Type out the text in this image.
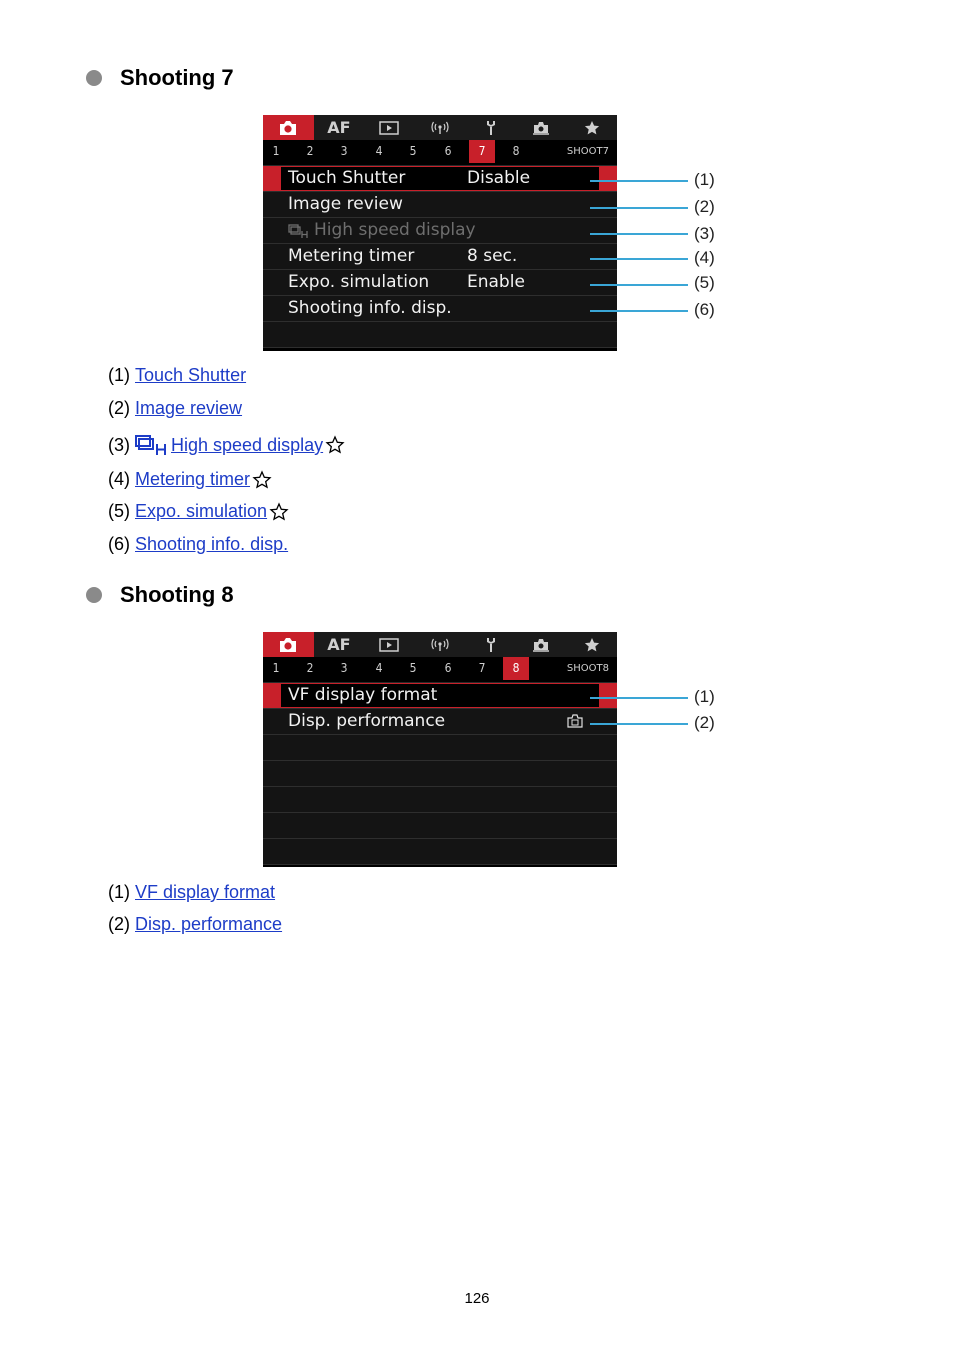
Shooting 7
AF
1	2	3	4	5	6	7	8	SHOOT7
Touch Shutter	Disable
Image review
High speed display
Metering timer	8 sec.
Expo. simulation Enable
Shooting info. disp.
(1)
(2)
(3)
(4)
(5)
(6)
(1) Touch Shutter
(2) Image review
(3) High speed display
(4) Metering timer
(5) Expo. simulation
(6) Shooting info. disp.
Shooting 8
AF
1	2	3	4	5	6	7	8	SHOOT8
VF display format
Disp. performance
(1)
(2)
(1) VF display format
(2) Disp. performance
126
